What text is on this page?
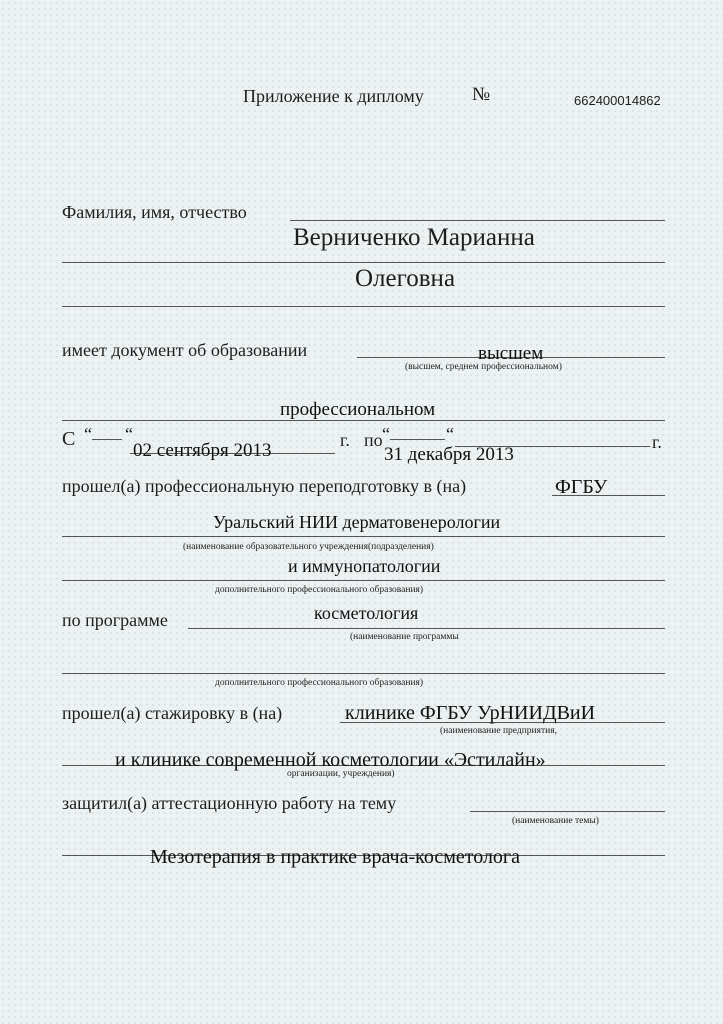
Приложение к диплому	№	662400014862
Фамилия, имя, отчество
Верниченко Марианна
Олеговна
имеет документ об образовании	высшем
(высшем, среднем профессиональном)
профессиональном
С “ “
02 сентября 2013	г. по “	“
31 декабря 2013
г.
прошел(а) профессиональную переподготовку в (на)	ФГБУ
Уральский НИИ дерматовенерологии
(наименование образовательного учреждения(подразделения)
и иммунопатологии
дополнительного профессионального образования)
по программе	косметология
(наименование программы
дополнительного профессионального образования)
прошел(а) стажировку в (на)	клинике ФГБУ УрНИИДВиИ
(наименование предприятия,
и клинике современной косметологии «Эстилайн»
организации, учреждения)
защитил(а) аттестационную работу на тему
(наименование темы)
Мезотерапия в практике врача-косметолога
